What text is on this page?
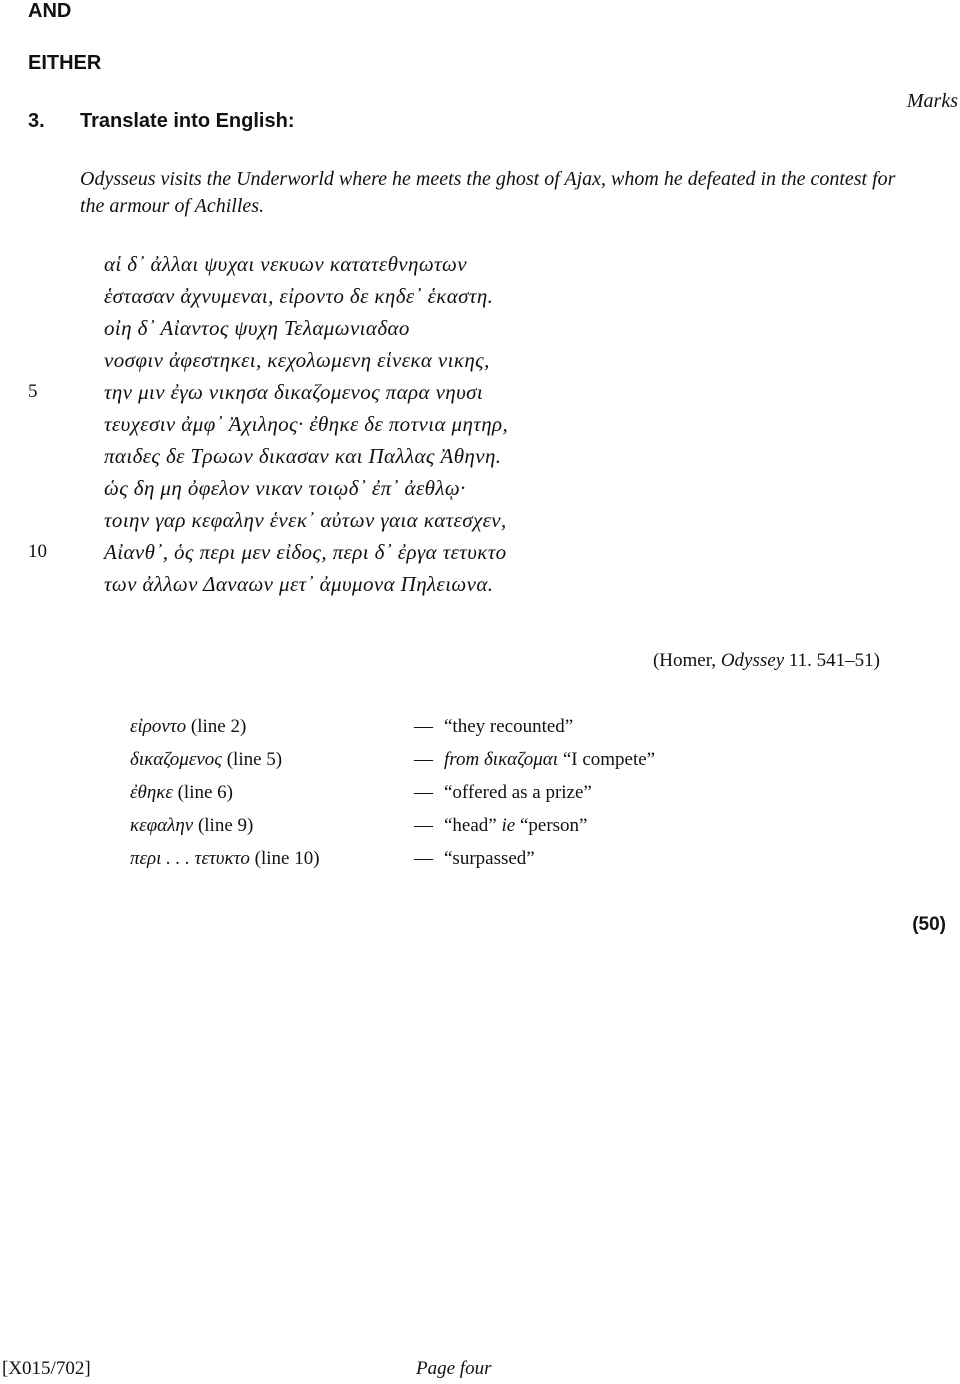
AND
EITHER
3. Translate into English:
Marks
Odysseus visits the Underworld where he meets the ghost of Ajax, whom he defeated in the contest for the armour of Achilles.
αἱ δ᾽ ἀλλαι ψυχαι νεκυων κατατεθνηωτων
ἑστασαν ἀχνυμεναι, εἰροντο δε κηδε᾽ ἑκαστη.
οἰη δ᾽ Αἰαντος ψυχη Τελαμωνιαδαο
νοσφιν ἀφεστηκει, κεχολωμενη εἱνεκα νικης,
την μιν ἐγω νικησα δικαζομενος παρα νηυσι
τευχεσιν ἀμφ᾽ Ἀχιληος· ἐθηκε δε ποτνια μητηρ,
παιδες δε Τρωων δικασαν και Παλλας Ἀθηνη.
ὡς δη μη ὀφελον νικαν τοιῳδ᾽ ἐπ᾽ ἀεθλῳ·
τοιην γαρ κεφαλην ἑνεκ᾽ αὐτων γαια κατεσχεν,
Αἰανθ᾽, ὁς περι μεν εἰδος, περι δ᾽ ἐργα τετυκτο
των ἀλλων Δαναων μετ᾽ ἀμυμονα Πηλειωνα.
5
10
(Homer, Odyssey 11. 541–51)
εἰροντο (line 2)	— “they recounted”
δικαζομενος (line 5)	— from δικαζομαι “I compete”
ἐθηκε (line 6)	— “offered as a prize”
κεφαλην (line 9)	— “head” ie “person”
περι . . . τετυκτο (line 10)	— “surpassed”
(50)
[X015/702]	Page four
